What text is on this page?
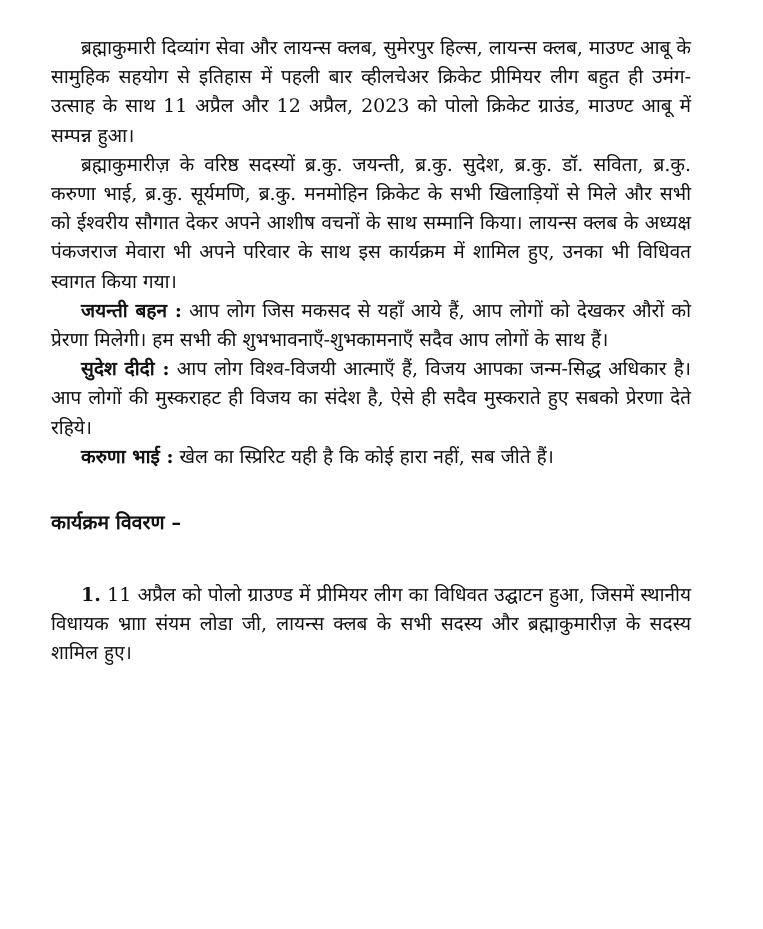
ब्रह्माकुमारी दिव्यांग सेवा और लायन्स क्लब, सुमेरपुर हिल्स, लायन्स क्लब, माउण्ट आबू के सामुहिक सहयोग से इतिहास में पहली बार व्हीलचेअर क्रिकेट प्रीमियर लीग बहुत ही उमंग-उत्साह के साथ 11 अप्रैल और 12 अप्रैल, 2023 को पोलो क्रिकेट ग्राउंड, माउण्ट आबू में सम्पन्न हुआ।

ब्रह्माकुमारीज़ के वरिष्ठ सदस्यों ब्र.कु. जयन्ती, ब्र.कु. सुदेश, ब्र.कु. डॉ. सविता, ब्र.कु. करुणा भाई, ब्र.कु. सूर्यमणि, ब्र.कु. मनमोहिन क्रिकेट के सभी खिलाड़ियों से मिले और सभी को ईश्वरीय सौगात देकर अपने आशीष वचनों के साथ सम्मानि किया। लायन्स क्लब के अध्यक्ष पंकजराज मेवारा भी अपने परिवार के साथ इस कार्यक्रम में शामिल हुए, उनका भी विधिवत स्वागत किया गया।

जयन्ती बहन : आप लोग जिस मकसद से यहाँ आये हैं, आप लोगों को देखकर औरों को प्रेरणा मिलेगी। हम सभी की शुभभावनाएँ-शुभकामनाएँ सदैव आप लोगों के साथ हैं।

सुदेश दीदी : आप लोग विश्व-विजयी आत्माएँ हैं, विजय आपका जन्म-सिद्ध अधिकार है। आप लोगों की मुस्कराहट ही विजय का संदेश है, ऐसे ही सदैव मुस्कराते हुए सबको प्रेरणा देते रहिये।

करुणा भाई : खेल का स्प्रिरिट यही है कि कोई हारा नहीं, सब जीते हैं।

कार्यक्रम विवरण –

1. 11 अप्रैल को पोलो ग्राउण्ड में प्रीमियर लीग का विधिवत उद्घाटन हुआ, जिसमें स्थानीय विधायक भ्रााा संयम लोडा जी, लायन्स क्लब के सभी सदस्य और ब्रह्माकुमारीज़ के सदस्य शामिल हुए।
